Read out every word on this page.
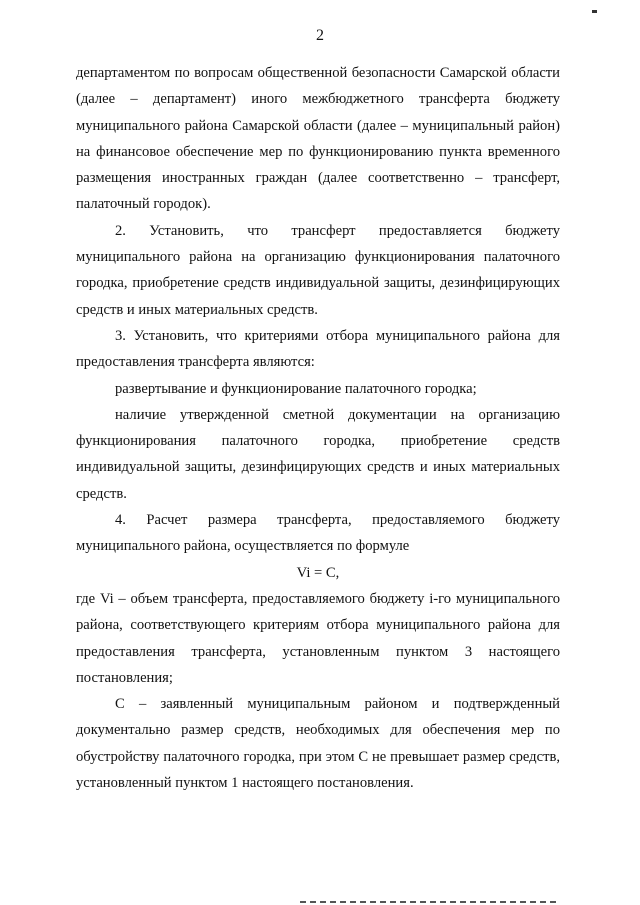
2

департаментом по вопросам общественной безопасности Самарской области (далее – департамент) иного межбюджетного трансферта бюджету муниципального района Самарской области (далее – муниципальный район) на финансовое обеспечение мер по функционированию пункта временного размещения иностранных граждан (далее соответственно – трансферт, палаточный городок).

2. Установить, что трансферт предоставляется бюджету муниципального района на организацию функционирования палаточного городка, приобретение средств индивидуальной защиты, дезинфицирующих средств и иных материальных средств.

3. Установить, что критериями отбора муниципального района для предоставления трансферта являются:

развертывание и функционирование палаточного городка;

наличие утвержденной сметной документации на организацию функционирования палаточного городка, приобретение средств индивидуальной защиты, дезинфицирующих средств и иных материальных средств.

4. Расчет размера трансферта, предоставляемого бюджету муниципального района, осуществляется по формуле

Vi = C,

где Vi – объем трансферта, предоставляемого бюджету i-го муниципального района, соответствующего критериям отбора муниципального района для предоставления трансферта, установленным пунктом 3 настоящего постановления;

C – заявленный муниципальным районом и подтвержденный документально размер средств, необходимых для обеспечения мер по обустройству палаточного городка, при этом C не превышает размер средств, установленный пунктом 1 настоящего постановления.
